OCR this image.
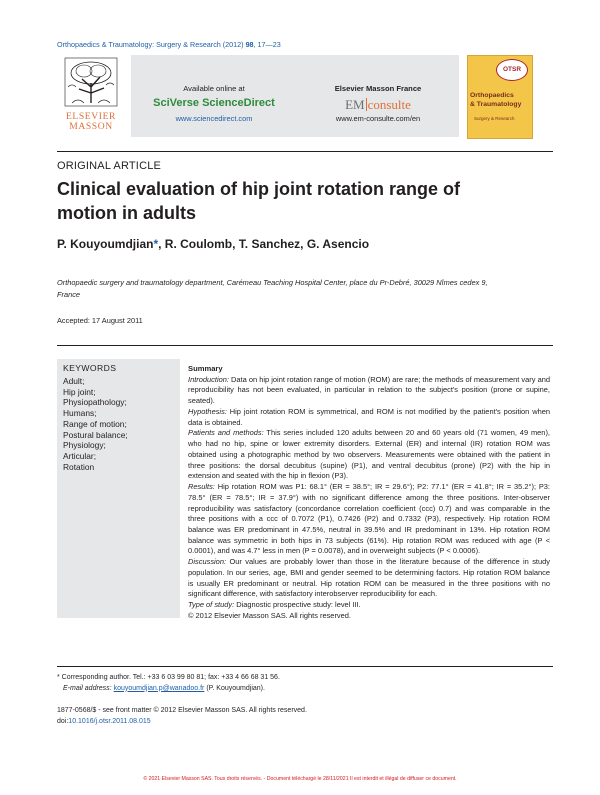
Orthopaedics & Traumatology: Surgery & Research (2012) 98, 17—23
ELSEVIER
MASSON
Available online at
SciVerse ScienceDirect
www.sciencedirect.com
Elsevier Masson France
EM consulte
www.em-consulte.com/en
OTSR
Orthopaedics
& Traumatology
Surgery & Research
ORIGINAL ARTICLE
Clinical evaluation of hip joint rotation range of motion in adults
P. Kouyoumdjian*, R. Coulomb, T. Sanchez, G. Asencio
Orthopaedic surgery and traumatology department, Carémeau Teaching Hospital Center, place du Pr-Debré, 30029 Nîmes cedex 9, France
Accepted: 17 August 2011
KEYWORDS
Adult;
Hip joint;
Physiopathology;
Humans;
Range of motion;
Postural balance;
Physiology;
Articular;
Rotation

Summary

Introduction: Data on hip joint rotation range of motion (ROM) are rare; the methods of measurement vary and reproducibility has not been evaluated, in particular in relation to the subject's position (prone or supine, seated).

Hypothesis: Hip joint rotation ROM is symmetrical, and ROM is not modified by the patient's position when data is obtained.

Patients and methods: This series included 120 adults between 20 and 60 years old (71 women, 49 men), who had no hip, spine or lower extremity disorders. External (ER) and internal (IR) rotation ROM was obtained using a photographic method by two observers. Measurements were obtained with the patient in three positions: the dorsal decubitus (supine) (P1), and ventral decubitus (prone) (P2) with the hip in extension and seated with the hip in flexion (P3).

Results: Hip rotation ROM was P1: 68.1° (ER = 38.5°; IR = 29.6°); P2: 77.1° (ER = 41.8°; IR = 35.2°); P3: 78.5° (ER = 78.5°; IR = 37.9°) with no significant difference among the three positions. Inter-observer reproducibility was satisfactory (concordance correlation coefficient (ccc) 0.7) and was comparable in the three positions with a ccc of 0.7072 (P1), 0.7426 (P2) and 0.7332 (P3), respectively. Hip rotation ROM balance was ER predominant in 47.5%, neutral in 39.5% and IR predominant in 13%. Hip rotation ROM balance was symmetric in both hips in 73 subjects (61%). Hip rotation ROM was reduced with age (P < 0.0001), and was 4.7° less in men (P = 0.0078), and in overweight subjects (P < 0.0006).

Discussion: Our values are probably lower than those in the literature because of the difference in study population. In our series, age, BMI and gender seemed to be determining factors. Hip rotation ROM balance is usually ER predominant or neutral. Hip rotation ROM can be measured in the three positions with no significant difference, with satisfactory interobserver reproducibility for each.

Type of study: Diagnostic prospective study: level III.

© 2012 Elsevier Masson SAS. All rights reserved.

* Corresponding author. Tel.: +33 6 03 99 80 81; fax: +33 4 66 68 31 56.
E-mail address: kouyoumdjian.p@wanadoo.fr (P. Kouyoumdjian).
1877-0568/$ - see front matter © 2012 Elsevier Masson SAS. All rights reserved.
doi:10.1016/j.otsr.2011.08.015
© 2021 Elsevier Masson SAS. Tous droits réservés. - Document téléchargé le 28/11/2021 Il est interdit et illégal de diffuser ce document.
